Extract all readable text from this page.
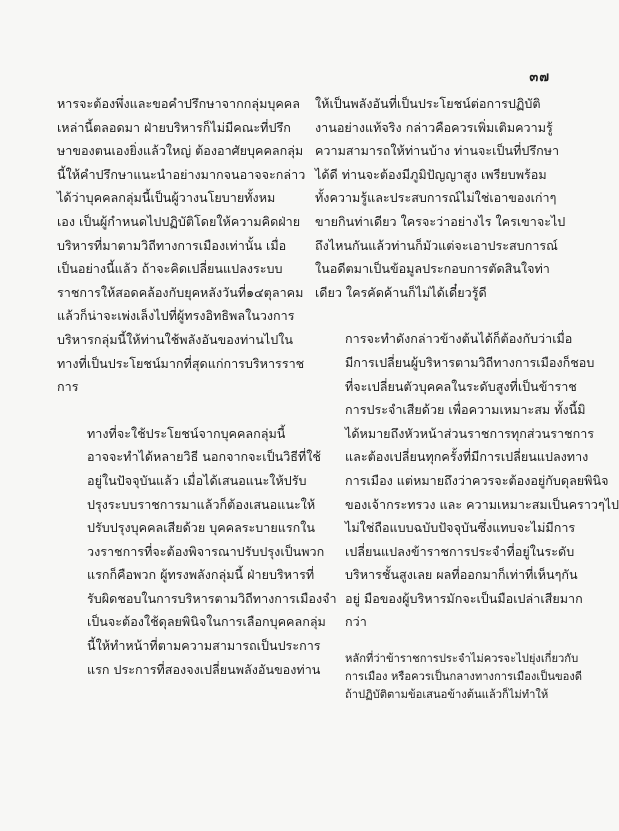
๓๗

หารจะต้องพึ่งและขอคำปรึกษาจากกลุ่มบุคคล
เหล่านี้ตลอดมา ฝ่ายบริหารก็ไม่มีคณะที่ปรึก
ษาของตนเองยิ่งแล้วใหญ่ ต้องอาศัยบุคคลกลุ่ม
นี้ให้คำปรึกษาแนะนำอย่างมากจนอาจจะกล่าว
ได้ว่าบุคคลกลุ่มนี้เป็นผู้วางนโยบายทั้งหม
เอง เป็นผู้กำหนดไปปฏิบัติโดยให้ความคิดฝ่าย
บริหารที่มาตามวิถีทางการเมืองเท่านั้น เมื่อ
เป็นอย่างนี้แล้ว ถ้าจะคิดเปลี่ยนแปลงระบบ
ราชการให้สอดคล้องกับยุคหลังวันที่๑๔ตุลาคม
แล้วก็น่าจะเพ่งเล็งไปที่ผู้ทรงอิทธิพลในวงการ
บริหารกลุ่มนี้ให้ท่านใช้พลังอันของท่านไปใน
ทางที่เป็นประโยชน์มากที่สุดแก่การบริหารราช
การ

ทางที่จะใช้ประโยชน์จากบุคคลกลุ่มนี้
อาจจะทำได้หลายวิธี นอกจากจะเป็นวิธีที่ใช้
อยู่ในปัจจุบันแล้ว เมื่อได้เสนอแนะให้ปรับ
ปรุงระบบราชการมาแล้วก็ต้องเสนอแนะให้
ปรับปรุงบุคคลเสียด้วย บุคคลระบายแรกใน
วงราชการที่จะต้องพิจารณาปรับปรุงเป็นพวก
แรกก็คือพวก ผู้ทรงพลังกลุ่มนี้ ฝ่ายบริหารที่
รับผิดชอบในการบริหารตามวิถีทางการเมืองจำ
เป็นจะต้องใช้ดุลยพินิจในการเลือกบุคคลกลุ่ม
นี้ให้ทำหน้าที่ตามความสามารถเป็นประการ
แรก ประการที่สองจงเปลี่ยนพลังอันของท่าน

ให้เป็นพลังอันที่เป็นประโยชน์ต่อการปฏิบัติ
งานอย่างแท้จริง กล่าวคือควรเพิ่มเติมความรู้
ความสามารถให้ท่านบ้าง ท่านจะเป็นที่ปรึกษา
ได้ดี ท่านจะต้องมีภูมิปัญญาสูง เพรียบพร้อม
ทั้งความรู้และประสบการณ์ไม่ใช่เอาของเก่าๆ
ขายกินท่าเดียว ใครจะว่าอย่างไร ใครเขาจะไป
ถึงไหนกันแล้วท่านก็มัวแต่จะเอาประสบการณ์
ในอดีตมาเป็นข้อมูลประกอบการตัดสินใจท่า
เดียว ใครคัดค้านก็ไม่ได้เดี๋ยวรู้ดี

การจะทำดังกล่าวข้างต้นได้ก็ต้องกับว่าเมื่อ
มีการเปลี่ยนผู้บริหารตามวิถีทางการเมืองก็ชอบ
ที่จะเปลี่ยนตัวบุคคลในระดับสูงที่เป็นข้าราช
การประจำเสียด้วย เพื่อความเหมาะสม ทั้งนี้มิ
ได้หมายถึงหัวหน้าส่วนราชการทุกส่วนราชการ
และต้องเปลี่ยนทุกครั้งที่มีการเปลี่ยนแปลงทาง
การเมือง แต่หมายถึงว่าควรจะต้องอยู่กับดุลยพินิจ
ของเจ้ากระทรวง และ ความเหมาะสมเป็นคราวๆไป
ไม่ใช่ถือแบบฉบับปัจจุบันซึ่งแทบจะไม่มีการ
เปลี่ยนแปลงข้าราชการประจำที่อยู่ในระดับ
บริหารชั้นสูงเลย ผลที่ออกมาก็เท่าที่เห็นๆกัน
อยู่ มือของผู้บริหารมักจะเป็นมือเปล่าเสียมาก
กว่า

หลักที่ว่าข้าราชการประจำไม่ควรจะไปยุ่งเกี่ยวกับ
การเมือง หรือควรเป็นกลางทางการเมืองเป็นของดี
ถ้าปฏิบัติตามข้อเสนอข้างต้นแล้วก็ไม่ทำให้
